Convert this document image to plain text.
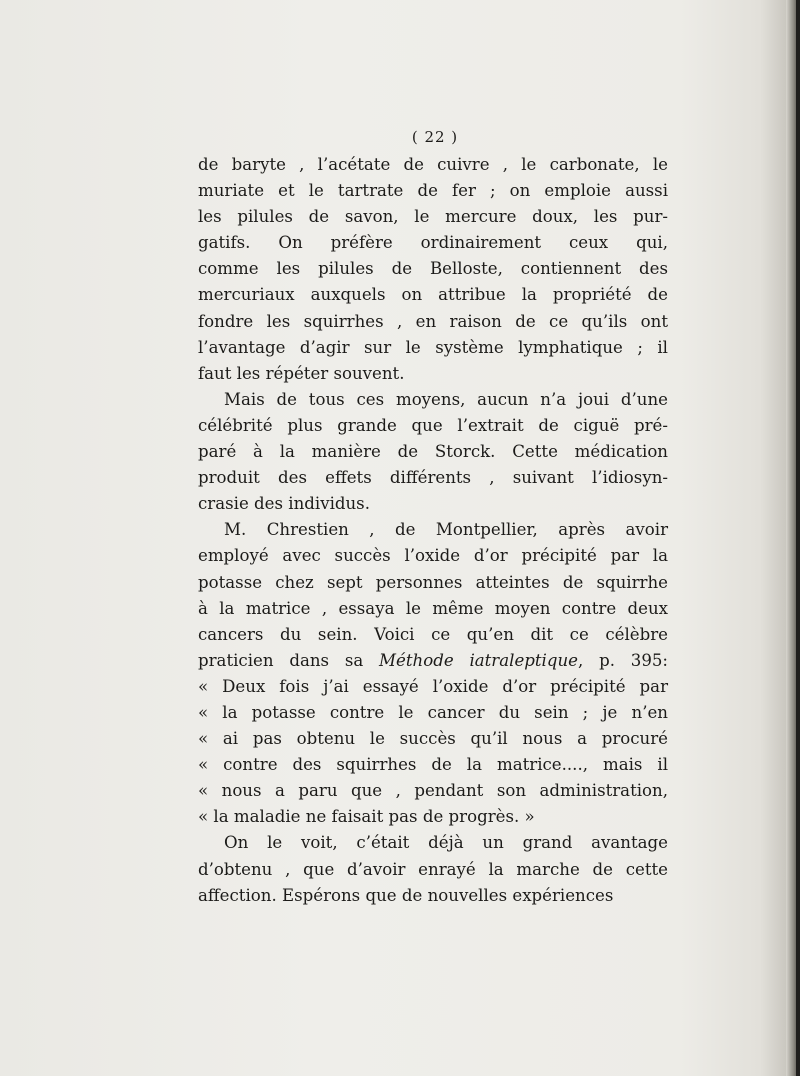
( 22 )
de baryte , l’acétate de cuivre , le carbonate, le
muriate et le tartrate de fer ; on emploie aussi
les pilules de savon, le mercure doux, les pur-
gatifs. On préfère ordinairement ceux qui,
comme les pilules de Belloste, contiennent des
mercuriaux auxquels on attribue la propriété de
fondre les squirrhes , en raison de ce qu’ils ont
l’avantage d’agir sur le système lymphatique ; il
faut les répéter souvent.
Mais de tous ces moyens, aucun n’a joui d’une
célébrité plus grande que l’extrait de ciguë pré-
paré à la manière de Storck. Cette médication
produit des effets différents , suivant l’idiosyn-
crasie des individus.
M. Chrestien , de Montpellier, après avoir
employé avec succès l’oxide d’or précipité par la
potasse chez sept personnes atteintes de squirrhe
à la matrice , essaya le même moyen contre deux
cancers du sein. Voici ce qu’en dit ce célèbre
praticien dans sa Méthode iatraleptique, p. 395:
« Deux fois j’ai essayé l’oxide d’or précipité par
« la potasse contre le cancer du sein ; je n’en
« ai pas obtenu le succès qu’il nous a procuré
« contre des squirrhes de la matrice...., mais il
« nous a paru que , pendant son administration,
« la maladie ne faisait pas de progrès. »
On le voit, c’était déjà un grand avantage
d’obtenu , que d’avoir enrayé la marche de cette
affection. Espérons que de nouvelles expériences
